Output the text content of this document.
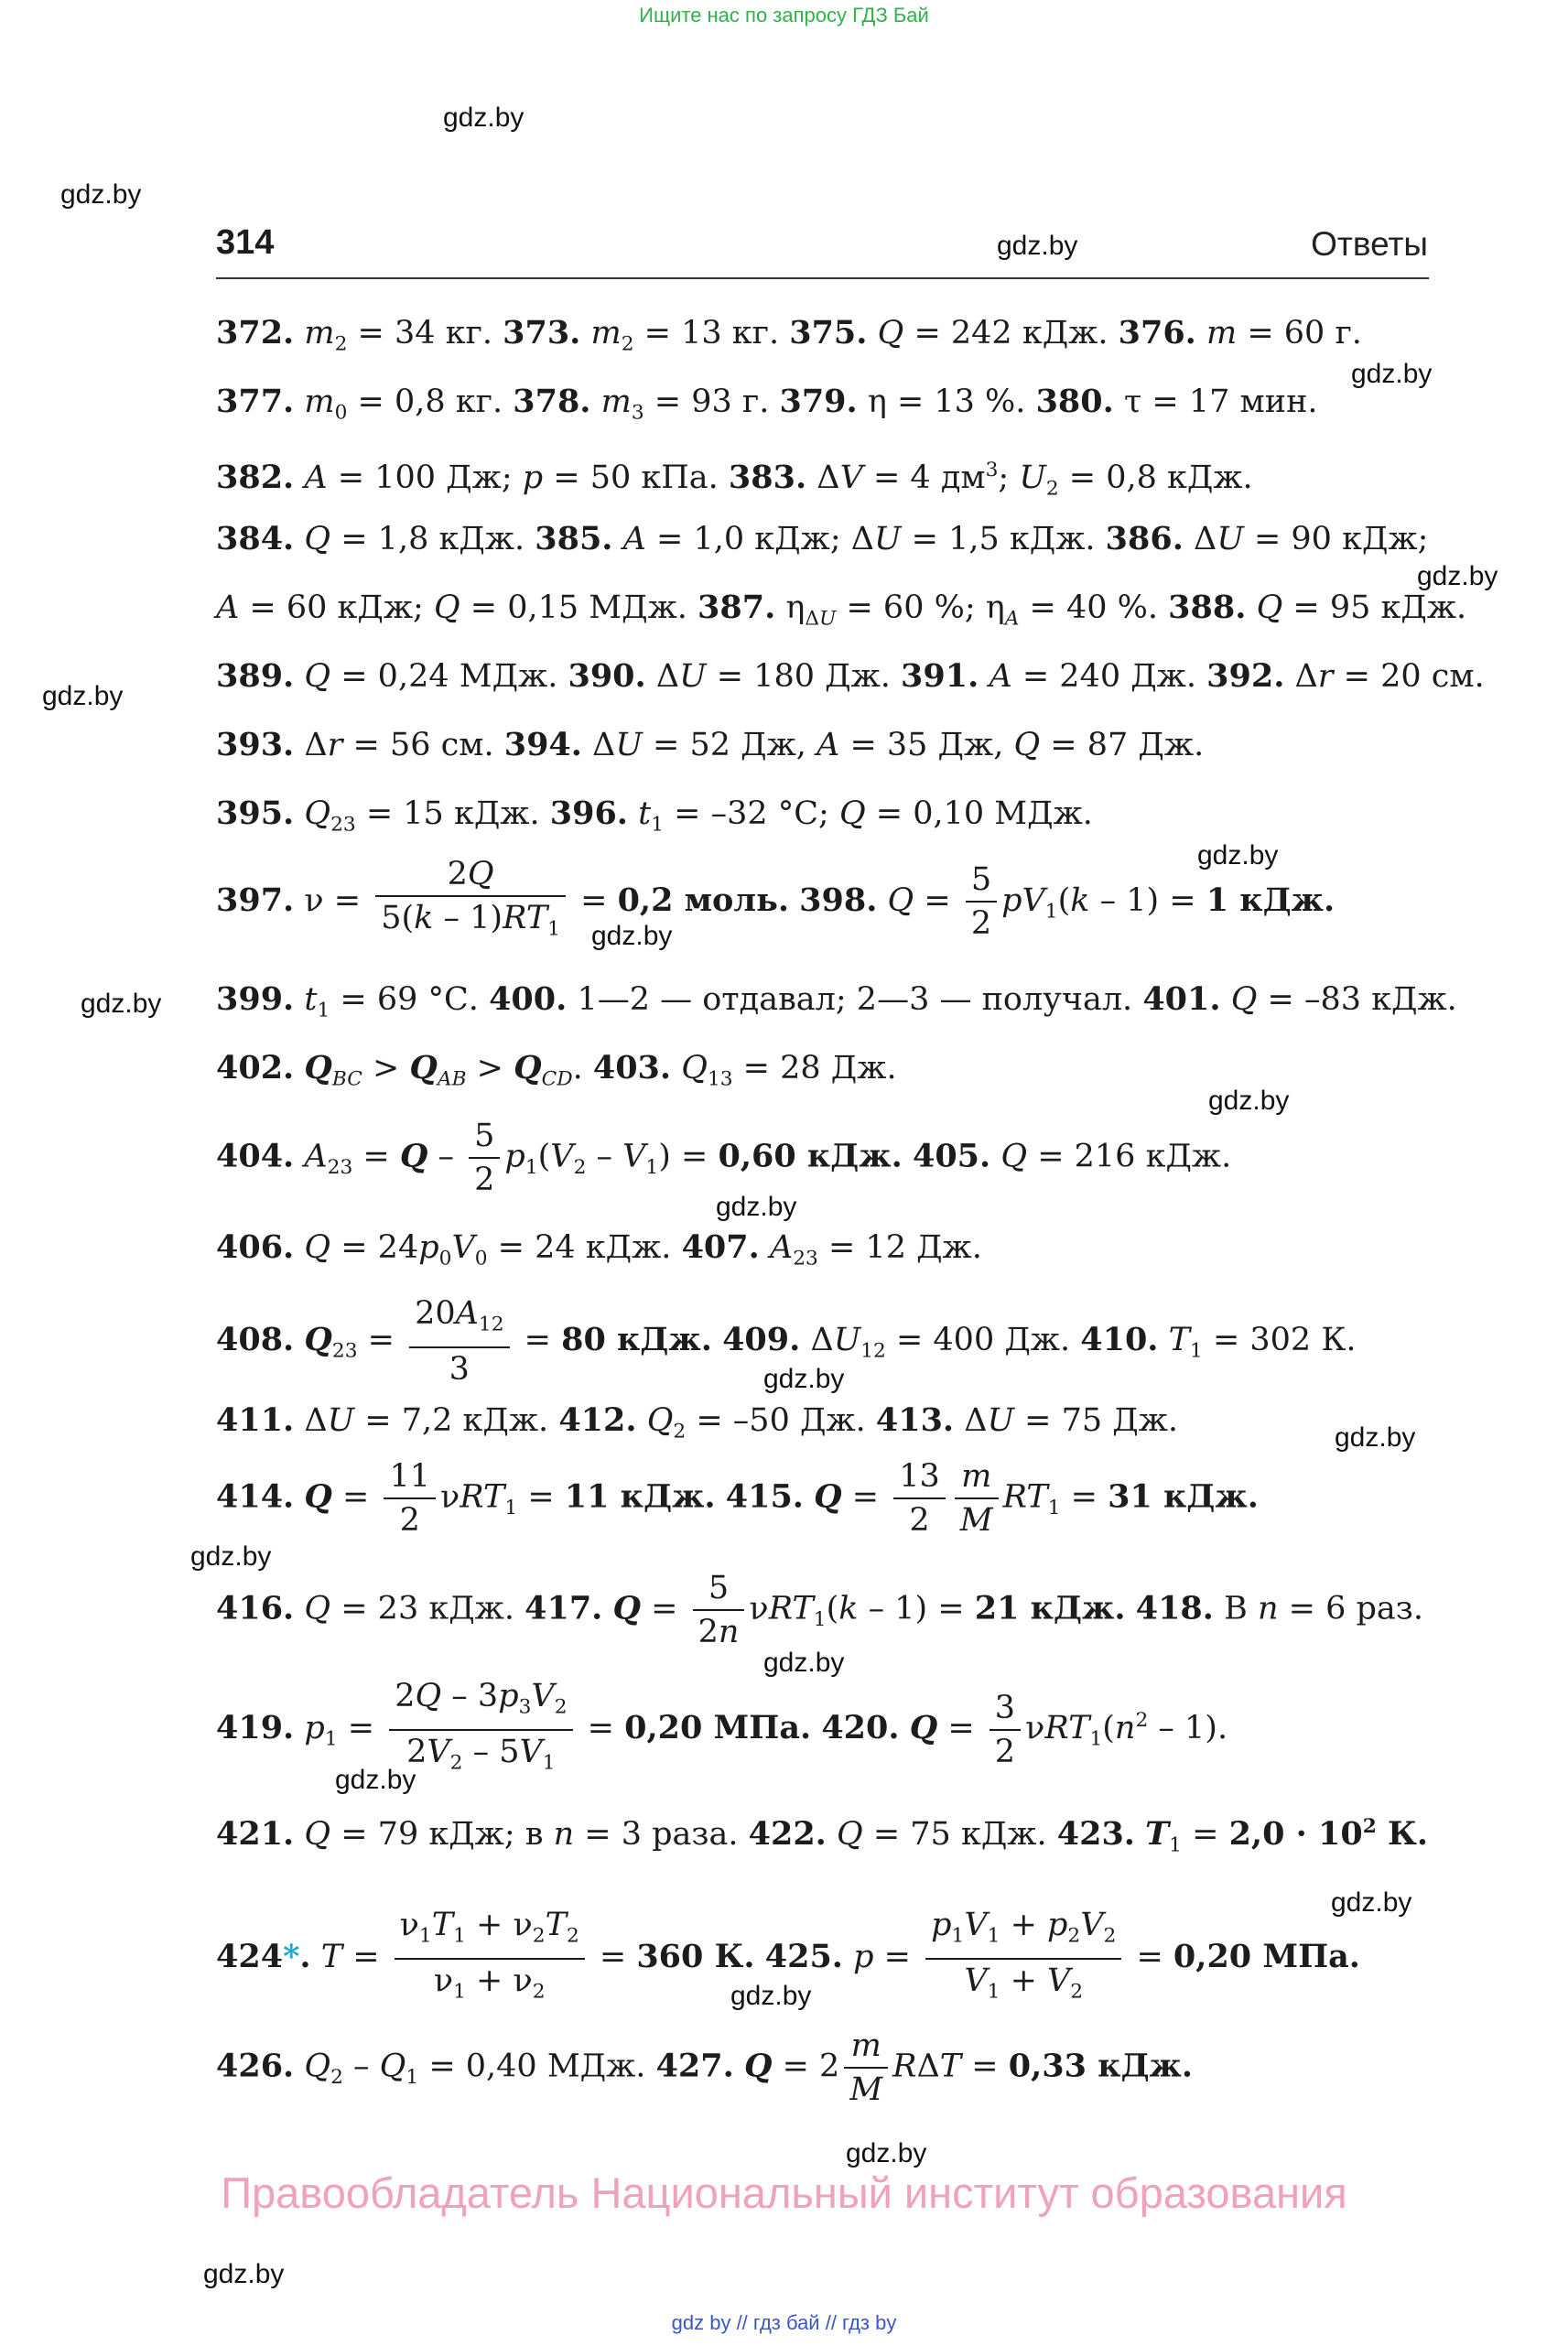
Ищите нас по запросу ГДЗ Бай
gdz.by
gdz.by
gdz.by
gdz.by
gdz.by
gdz.by
gdz.by
gdz.by
gdz.by
gdz.by
gdz.by
gdz.by
gdz.by
gdz.by
gdz.by
gdz.by
gdz.by
gdz.by
gdz.by
gdz.by
314	Ответы
372. $m_2 = 34$ кг. 373. $m_2 = 13$ кг. 375. Q = 242 кДж. 376. m = 60 г.
377. $m_0 = 0,8$ кг. 378. $m_3 = 93$ г. 379. η = 13 %. 380. τ = 17 мин.
382. A = 100 Дж; p = 50 кПа. 383. ΔV = 4 $дм^3$; $U_2 = 0,8$ кДж.
384. Q = 1,8 кДж. 385. A = 1,0 кДж; ΔU = 1,5 кДж. 386. ΔU = 90 кДж;
A = 60 кДж; Q = 0,15 МДж. 387. $\eta_{\Delta U} = 60$ %; $\eta_A = 40$ %. 388. Q = 95 кДж.
389. Q = 0,24 МДж. 390. ΔU = 180 Дж. 391. A = 240 Дж. 392. Δr = 20 см.
393. Δr = 56 см. 394. ΔU = 52 Дж, A = 35 Дж, Q = 87 Дж.
395. $Q_{23} = 15$ кДж. 396. $t_1 = -32$ °С; Q = 0,10 МДж.
397. $\nu = \frac{2Q}{5(k - 1)RT_1} = 0,2$ моль. 398. $Q = \frac{5}{2} pV_1(k - 1) = 1$ кДж.
399. $t_1 = 69$ °С. 400. 1—2 — отдавал; 2—3 — получал. 401. Q = –83 кДж.
402. $Q_{BC} > Q_{AB} > Q_{CD}$. 403. $Q_{13} = 28$ Дж.
404. $A_{23} = Q - \frac{5}{2} p_1(V_2 - V_1) = 0,60$ кДж. 405. Q = 216 кДж.
406. $Q = 24p_0V_0 = 24$ кДж. 407. $A_{23} = 12$ Дж.
408. $Q_{23} = \frac{20A_{12}}{3} = 80$ кДж. 409. $\Delta U_{12} = 400$ Дж. 410. $T_1 = 302$ К.
411. ΔU = 7,2 кДж. 412. $Q_2 = -50$ Дж. 413. ΔU = 75 Дж.
414. $Q = \frac{11}{2} \nu RT_1 = 11$ кДж. 415. $Q = \frac{13}{2} \frac{m}{M} RT_1 = 31$ кДж.
416. Q = 23 кДж. 417. $Q = \frac{5}{2n} \nu RT_1(k - 1) = 21$ кДж. 418. В n = 6 раз.
419. $p_1 = \frac{2Q - 3p_3V_2}{2V_2 - 5V_1} = 0,20$ МПа. 420. $Q = \frac{3}{2} \nu RT_1(n^2 - 1)$.
421. Q = 79 кДж; в n = 3 раза. 422. Q = 75 кДж. 423. $T_1 = 2,0 \cdot 10^2$ К.
424*. $T = \frac{\nu_1T_1 + \nu_2T_2}{\nu_1 + \nu_2} = 360$ К. 425. $p = \frac{p_1V_1 + p_2V_2}{V_1 + V_2} = 0,20$ МПа.
426. $Q_2 - Q_1 = 0,40$ МДж. 427. $Q = 2 \frac{m}{M}$ RΔT = 0,33 кДж.
Правообладатель Национальный институт образования
gdz by // гдз бай // гдз by
